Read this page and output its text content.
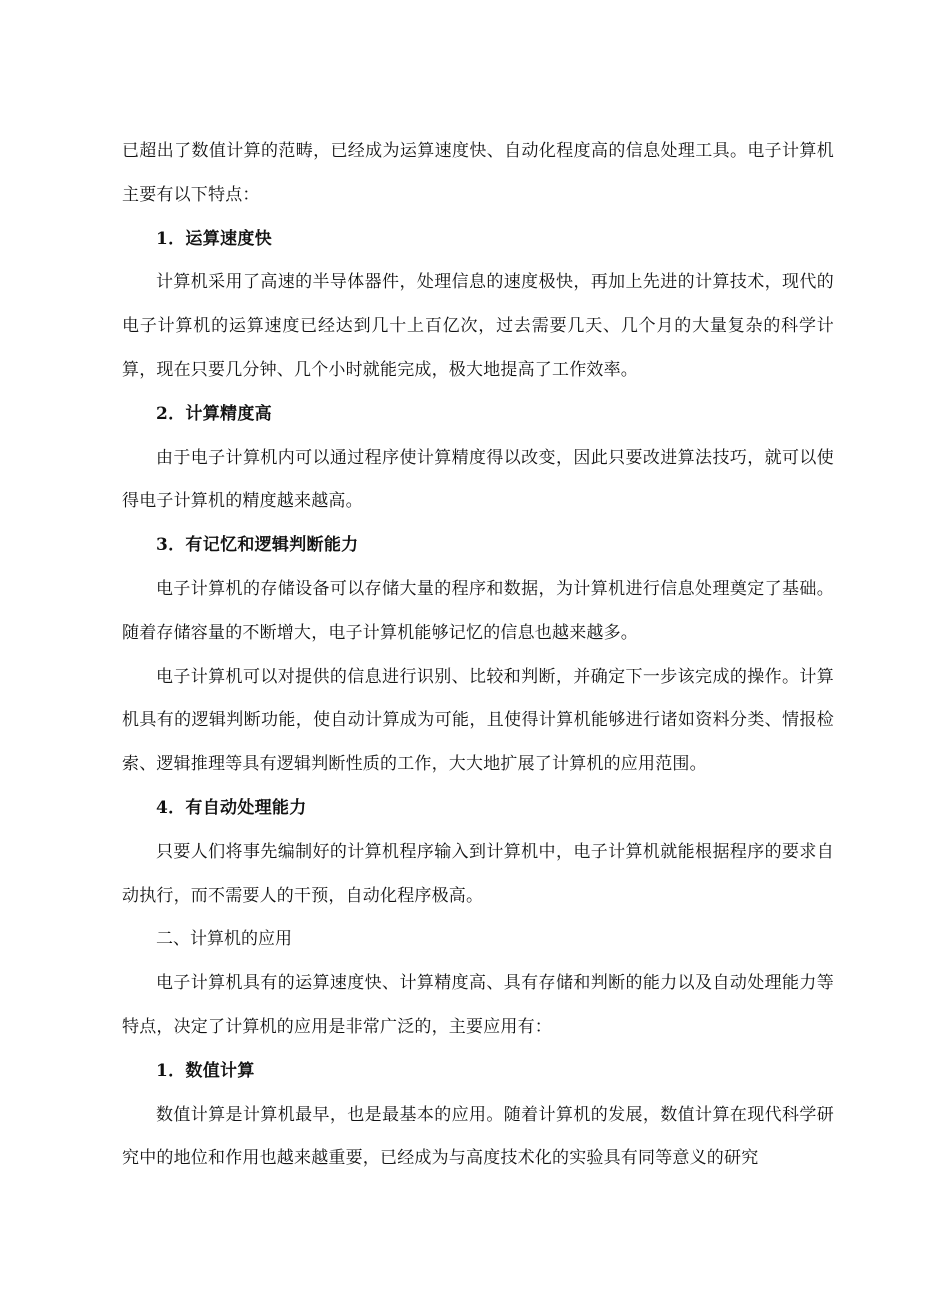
已超出了数值计算的范畴，已经成为运算速度快、自动化程度高的信息处理工具。电子计算机主要有以下特点：

1．运算速度快

计算机采用了高速的半导体器件，处理信息的速度极快，再加上先进的计算技术，现代的电子计算机的运算速度已经达到几十上百亿次，过去需要几天、几个月的大量复杂的科学计算，现在只要几分钟、几个小时就能完成，极大地提高了工作效率。

2．计算精度高

由于电子计算机内可以通过程序使计算精度得以改变，因此只要改进算法技巧，就可以使得电子计算机的精度越来越高。

3．有记忆和逻辑判断能力

电子计算机的存储设备可以存储大量的程序和数据，为计算机进行信息处理奠定了基础。随着存储容量的不断增大，电子计算机能够记忆的信息也越来越多。

电子计算机可以对提供的信息进行识别、比较和判断，并确定下一步该完成的操作。计算机具有的逻辑判断功能，使自动计算成为可能，且使得计算机能够进行诸如资料分类、情报检索、逻辑推理等具有逻辑判断性质的工作，大大地扩展了计算机的应用范围。

4．有自动处理能力

只要人们将事先编制好的计算机程序输入到计算机中，电子计算机就能根据程序的要求自动执行，而不需要人的干预，自动化程序极高。

二、计算机的应用

电子计算机具有的运算速度快、计算精度高、具有存储和判断的能力以及自动处理能力等特点，决定了计算机的应用是非常广泛的，主要应用有：

1．数值计算

数值计算是计算机最早，也是最基本的应用。随着计算机的发展，数值计算在现代科学研究中的地位和作用也越来越重要，已经成为与高度技术化的实验具有同等意义的研究
